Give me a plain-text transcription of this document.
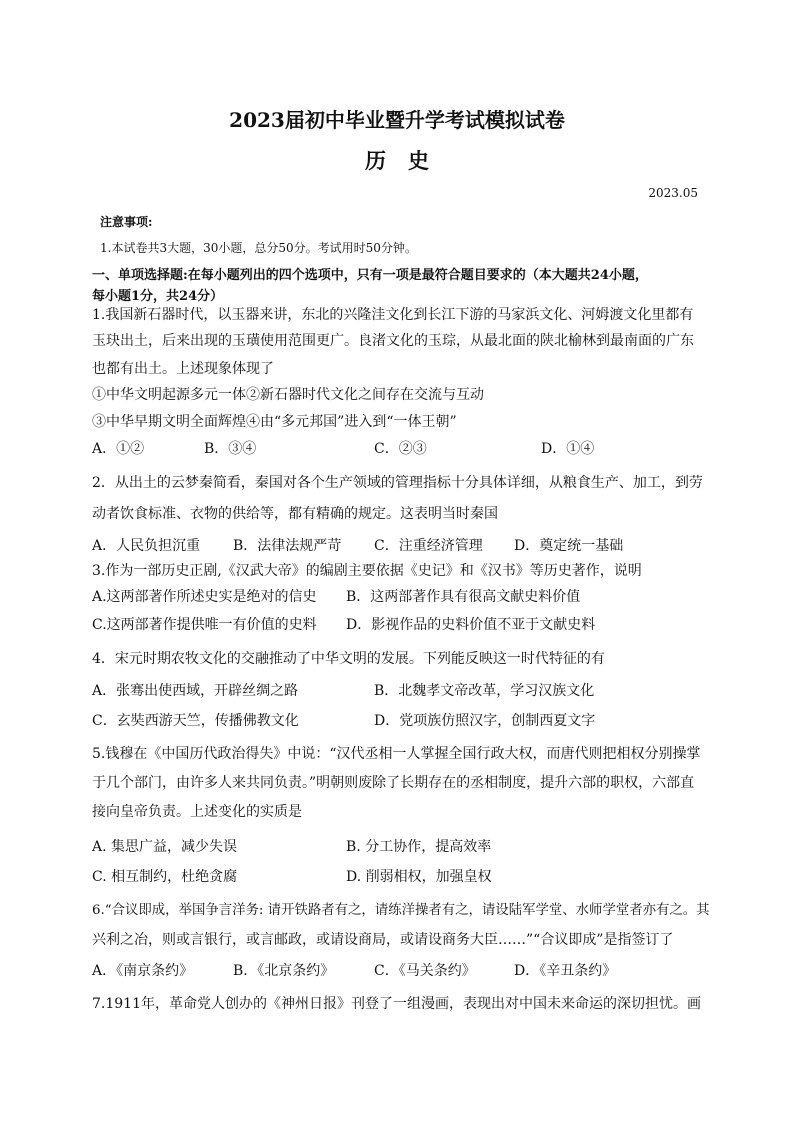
2023届初中毕业暨升学考试模拟试卷
历史
2023.05
注意事项:
1.本试卷共3大题，30小题，总分50分。考试用时50分钟。
一、单项选择题:在每小题列出的四个选项中，只有一项是最符合题目要求的（本大题共24小题，
每小题1分，共24分）
1.我国新石器时代，以玉器来讲，东北的兴隆洼文化到长江下游的马家浜文化、河姆渡文化里都有
玉玦出土，后来出现的玉璜使用范围更广。良渚文化的玉琮，从最北面的陕北榆林到最南面的广东
也都有出土。上述现象体现了
①中华文明起源多元一体②新石器时代文化之间存在交流与互动
③中华早期文明全面辉煌④由“多元邦国”进入到“一体王朝”
A．①②	B．③④	C．②③	D．①④
2．从出土的云梦秦简看，秦国对各个生产领域的管理指标十分具体详细，从粮食生产、加工，到劳
动者饮食标准、衣物的供给等，都有精确的规定。这表明当时秦国
A．人民负担沉重 B．法律法规严苛 C．注重经济管理 D．奠定统一基础
3.作为一部历史正剧,《汉武大帝》的编剧主要依据《史记》和《汉书》等历史著作，说明
A.这两部著作所述史实是绝对的信史 B．这两部著作具有很高文献史料价值
C.这两部著作提供唯一有价值的史料 D．影视作品的史料价值不亚于文献史料
4．宋元时期农牧文化的交融推动了中华文明的发展。下列能反映这一时代特征的有
A．张骞出使西域，开辟丝绸之路	B．北魏孝文帝改革，学习汉族文化
C．玄奘西游天竺，传播佛教文化	D．党项族仿照汉字，创制西夏文字
5.钱穆在《中国历代政治得失》中说：“汉代丞相一人掌握全国行政大权，而唐代则把相权分别操掌
于几个部门，由许多人来共同负责。”明朝则废除了长期存在的丞相制度，提升六部的职权，六部直
接向皇帝负责。上述变化的实质是
A. 集思广益，减少失误	B. 分工协作，提高效率
C. 相互制约，杜绝贪腐	D. 削弱相权，加强皇权
6.“合议即成，举国争言洋务: 请开铁路者有之，请练洋操者有之，请设陆军学堂、水师学堂者亦有之。其
兴利之冶，则或言银行，或言邮政，或请设商局，或请设商务大臣……”“合议即成”是指签订了
A．《南京条约》	B．《北京条约》	C．《马关条约》	D．《辛丑条约》
7.1911年，革命党人创办的《神州日报》刊登了一组漫画，表现出对中国未来命运的深切担忧。画
